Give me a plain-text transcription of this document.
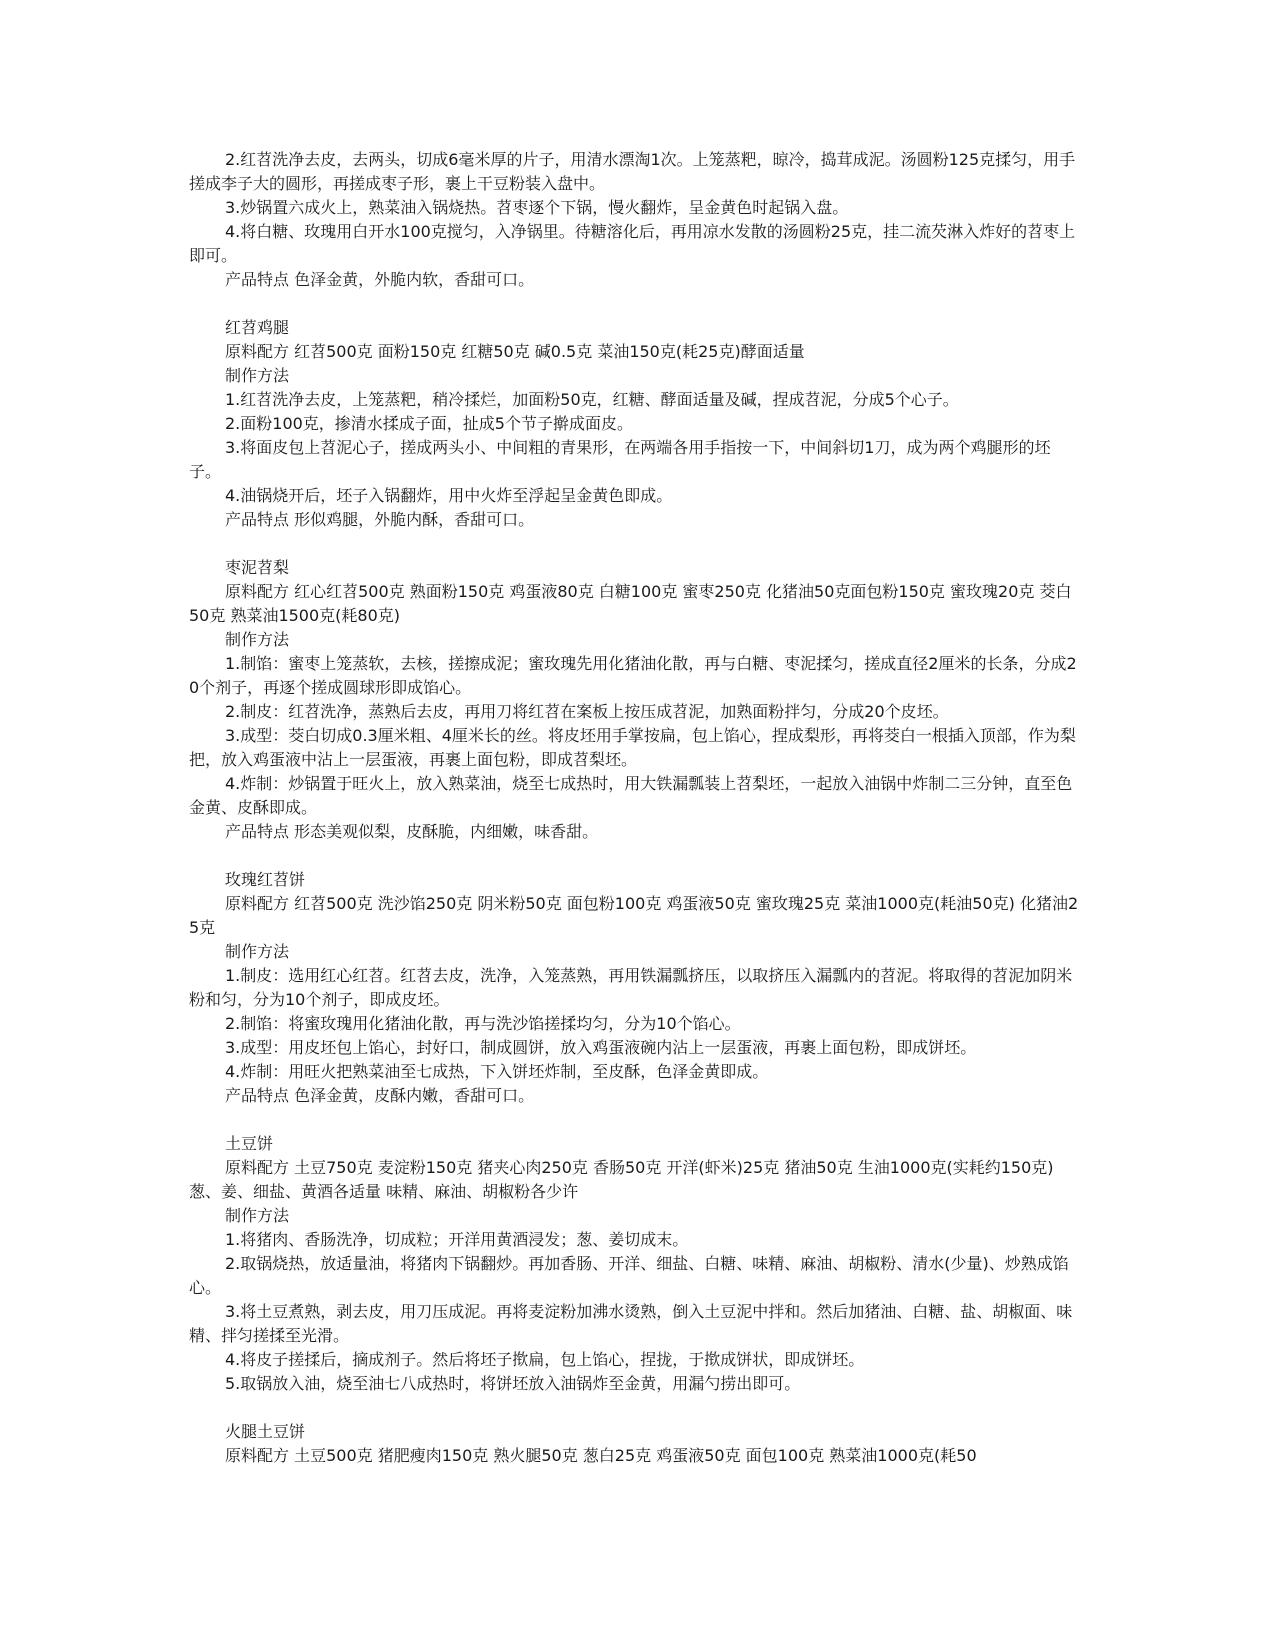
2.红苕洗净去皮，去两头，切成6毫米厚的片子，用清水漂淘1次。上笼蒸粑，晾冷，捣茸成泥。汤圆粉125克揉匀，用手搓成李子大的圆形，再搓成枣子形，裹上干豆粉装入盘中。
3.炒锅置六成火上，熟菜油入锅烧热。苕枣逐个下锅，慢火翻炸，呈金黄色时起锅入盘。
4.将白糖、玫瑰用白开水100克搅匀，入净锅里。待糖溶化后，再用凉水发散的汤圆粉25克，挂二流芡淋入炸好的苕枣上即可。
产品特点 色泽金黄，外脆内软，香甜可口。
红苕鸡腿
原料配方 红苕500克 面粉150克 红糖50克 碱0.5克 菜油150克(耗25克)酵面适量
制作方法
1.红苕洗净去皮，上笼蒸粑，稍冷揉烂，加面粉50克，红糖、酵面适量及碱，捏成苕泥，分成5个心子。
2.面粉100克，掺清水揉成子面，扯成5个节子擀成面皮。
3.将面皮包上苕泥心子，搓成两头小、中间粗的青果形，在两端各用手指按一下，中间斜切1刀，成为两个鸡腿形的坯子。
4.油锅烧开后，坯子入锅翻炸，用中火炸至浮起呈金黄色即成。
产品特点 形似鸡腿，外脆内酥，香甜可口。
枣泥苕梨
原料配方 红心红苕500克 熟面粉150克 鸡蛋液80克 白糖100克 蜜枣250克 化猪油50克面包粉150克 蜜玫瑰20克 茭白50克 熟菜油1500克(耗80克)
制作方法
1.制馅：蜜枣上笼蒸软，去核，搓擦成泥；蜜玫瑰先用化猪油化散，再与白糖、枣泥揉匀，搓成直径2厘米的长条，分成20个剂子，再逐个搓成圆球形即成馅心。
2.制皮：红苕洗净，蒸熟后去皮，再用刀将红苕在案板上按压成苕泥，加熟面粉拌匀，分成20个皮坯。
3.成型：茭白切成0.3厘米粗、4厘米长的丝。将皮坯用手掌按扁，包上馅心，捏成梨形，再将茭白一根插入顶部，作为梨把，放入鸡蛋液中沾上一层蛋液，再裹上面包粉，即成苕梨坯。
4.炸制：炒锅置于旺火上，放入熟菜油，烧至七成热时，用大铁漏瓢装上苕梨坯，一起放入油锅中炸制二三分钟，直至色金黄、皮酥即成。
产品特点 形态美观似梨，皮酥脆，内细嫩，味香甜。
玫瑰红苕饼
原料配方 红苕500克 洗沙馅250克 阴米粉50克 面包粉100克 鸡蛋液50克 蜜玫瑰25克 菜油1000克(耗油50克) 化猪油25克
制作方法
1.制皮：选用红心红苕。红苕去皮，洗净，入笼蒸熟，再用铁漏瓢挤压，以取挤压入漏瓢内的苕泥。将取得的苕泥加阴米粉和匀，分为10个剂子，即成皮坯。
2.制馅：将蜜玫瑰用化猪油化散，再与洗沙馅搓揉均匀，分为10个馅心。
3.成型：用皮坯包上馅心，封好口，制成圆饼，放入鸡蛋液碗内沾上一层蛋液，再裹上面包粉，即成饼坯。
4.炸制：用旺火把熟菜油至七成热，下入饼坯炸制，至皮酥，色泽金黄即成。
产品特点 色泽金黄，皮酥内嫩，香甜可口。
土豆饼
原料配方 土豆750克 麦淀粉150克 猪夹心肉250克 香肠50克 开洋(虾米)25克 猪油50克 生油1000克(实耗约150克) 葱、姜、细盐、黄酒各适量 味精、麻油、胡椒粉各少许
制作方法
1.将猪肉、香肠洗净，切成粒；开洋用黄酒浸发；葱、姜切成末。
2.取锅烧热，放适量油，将猪肉下锅翻炒。再加香肠、开洋、细盐、白糖、味精、麻油、胡椒粉、清水(少量)、炒熟成馅心。
3.将土豆煮熟，剥去皮，用刀压成泥。再将麦淀粉加沸水烫熟，倒入土豆泥中拌和。然后加猪油、白糖、盐、胡椒面、味精、拌匀搓揉至光滑。
4.将皮子搓揉后，摘成剂子。然后将坯子揿扁，包上馅心，捏拢，于揿成饼状，即成饼坯。
5.取锅放入油，烧至油七八成热时，将饼坯放入油锅炸至金黄，用漏勺捞出即可。
火腿土豆饼
原料配方 土豆500克 猪肥瘦肉150克 熟火腿50克 葱白25克 鸡蛋液50克 面包100克 熟菜油1000克(耗50
